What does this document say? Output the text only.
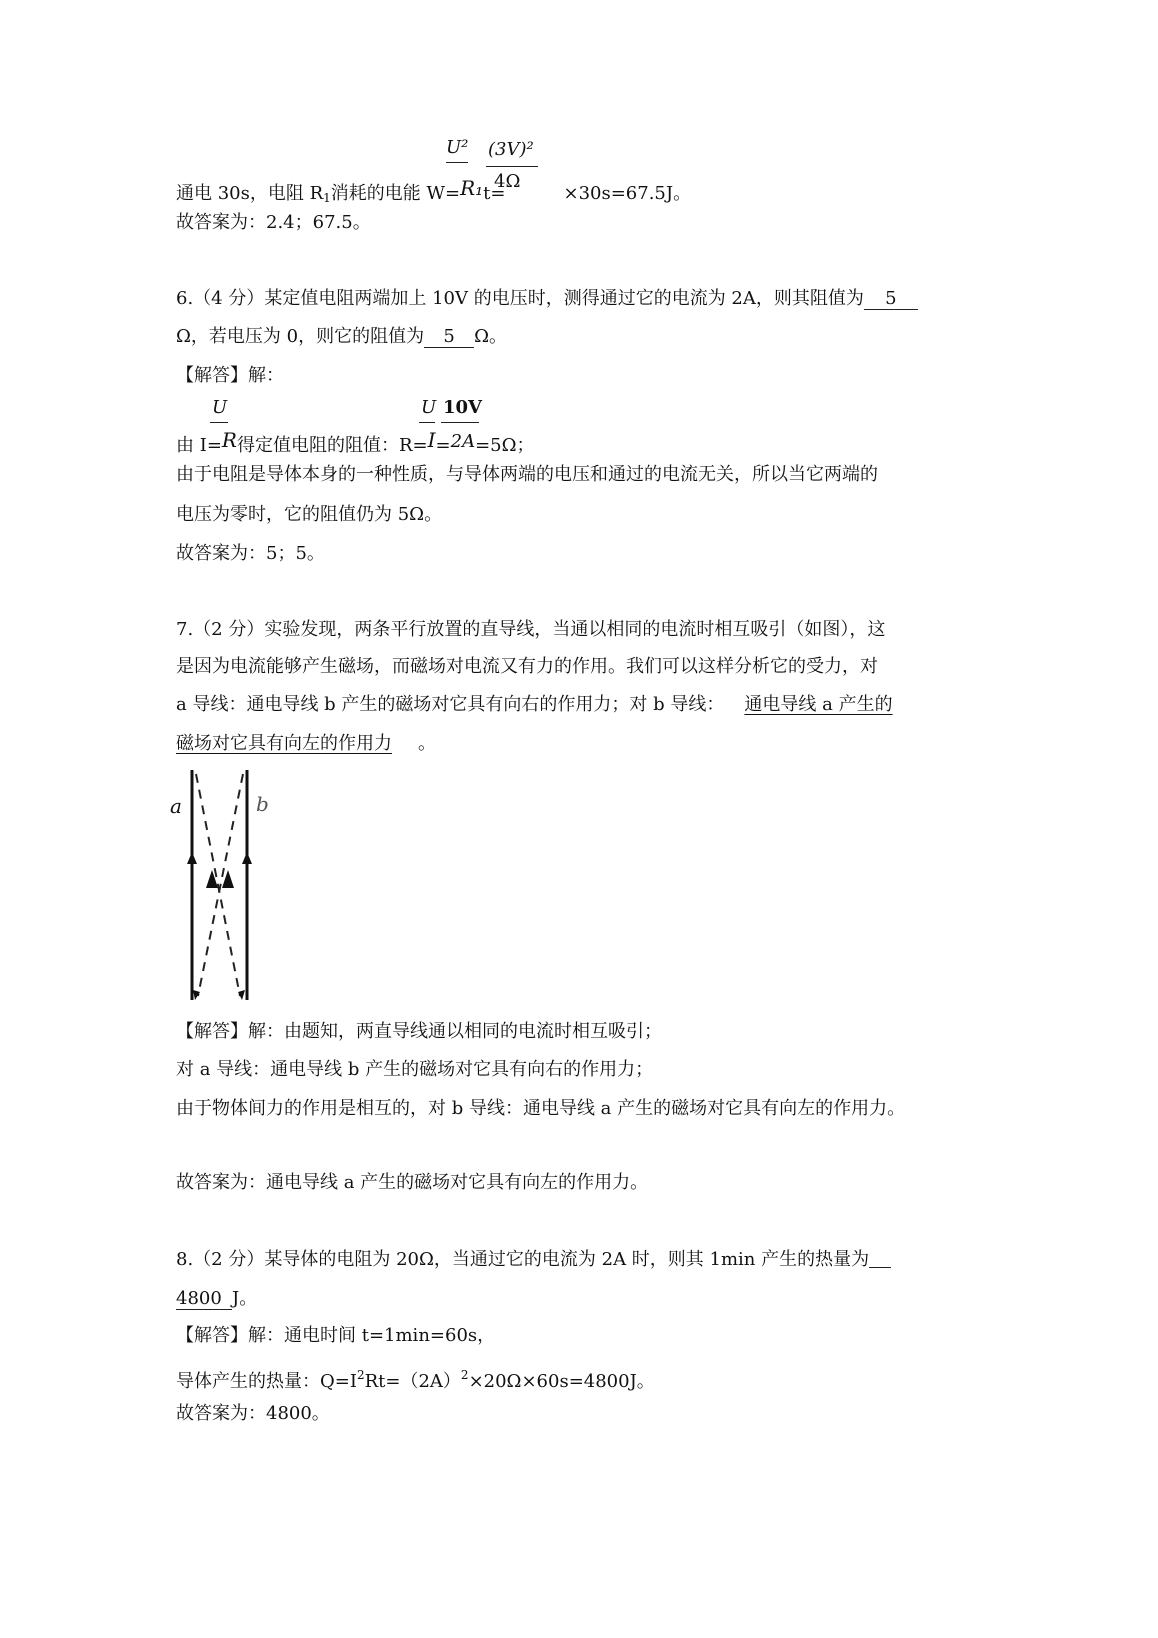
U² (3V)²
4Ω
通电 30s，电阻 $R_1$消耗的电能 W=R₁t=	×30s=67.5J。
故答案为：2.4；67.5。
6.（4 分）某定值电阻两端加上 10V 的电压时，测得通过它的电流为 2A，则其阻值为 5
Ω，若电压为 0，则它的阻值为 5 Ω。
【解答】解：
U	U 10V
由 I=R得定值电阻的阻值：R=I=2A=5Ω；
由于电阻是导体本身的一种性质，与导体两端的电压和通过的电流无关，所以当它两端的
电压为零时，它的阻值仍为 5Ω。
故答案为：5；5。
7.（2 分）实验发现，两条平行放置的直导线，当通以相同的电流时相互吸引（如图），这
是因为电流能够产生磁场，而磁场对电流又有力的作用。我们可以这样分析它的受力，对
a 导线：通电导线 b 产生的磁场对它具有向右的作用力；对 b 导线： 通电导线 a 产生的
磁场对它具有向左的作用力 。
a	b
【解答】解：由题知，两直导线通以相同的电流时相互吸引；
对 a 导线：通电导线 b 产生的磁场对它具有向右的作用力；
由于物体间力的作用是相互的，对 b 导线：通电导线 a 产生的磁场对它具有向左的作用力。
故答案为：通电导线 a 产生的磁场对它具有向左的作用力。
8.（2 分）某导体的电阻为 20Ω，当通过它的电流为 2A 时，则其 1min 产生的热量为
4800 J。
【解答】解：通电时间 t=1min=60s，
导体产生的热量：$Q=I^2Rt=(2A)^2\times 20\Omega\times 60s=4800J$。
故答案为：4800。
